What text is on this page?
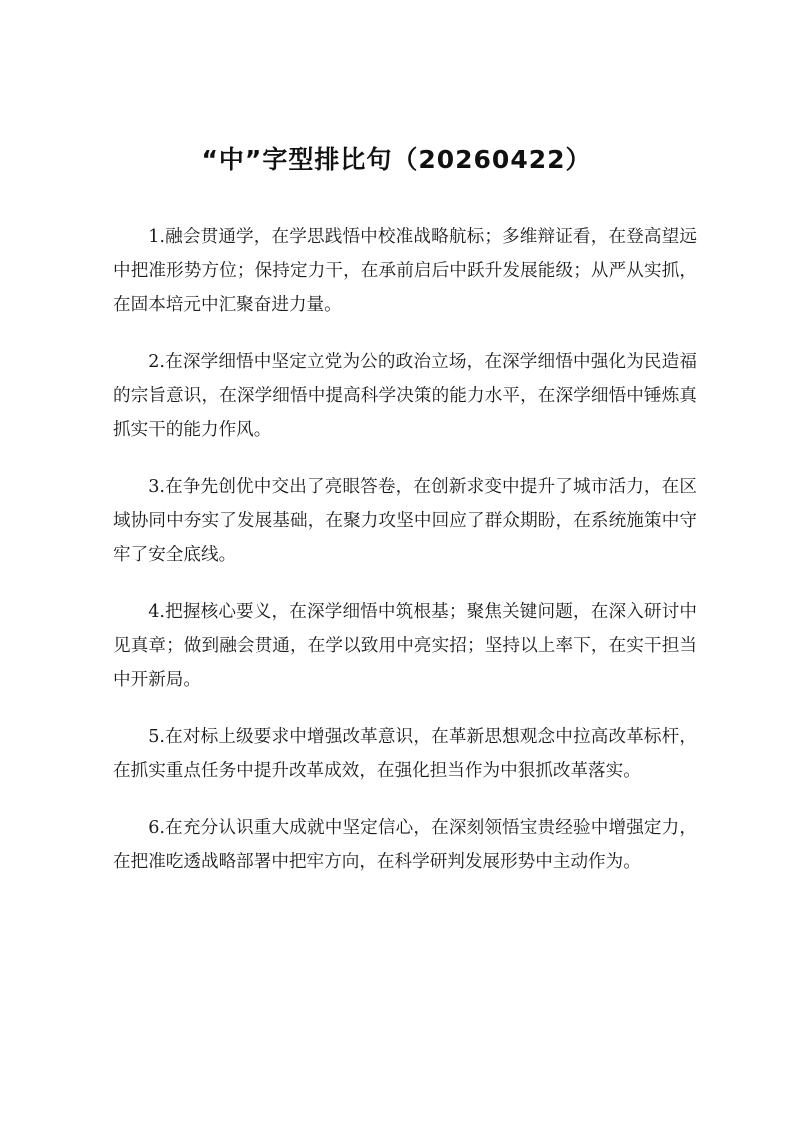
“中”字型排比句（20260422）

1.融会贯通学，在学思践悟中校准战略航标；多维辩证看，在登高望远中把准形势方位；保持定力干，在承前启后中跃升发展能级；从严从实抓，在固本培元中汇聚奋进力量。

2.在深学细悟中坚定立党为公的政治立场，在深学细悟中强化为民造福的宗旨意识，在深学细悟中提高科学决策的能力水平，在深学细悟中锤炼真抓实干的能力作风。

3.在争先创优中交出了亮眼答卷，在创新求变中提升了城市活力，在区域协同中夯实了发展基础，在聚力攻坚中回应了群众期盼，在系统施策中守牢了安全底线。

4.把握核心要义，在深学细悟中筑根基；聚焦关键问题，在深入研讨中见真章；做到融会贯通，在学以致用中亮实招；坚持以上率下，在实干担当中开新局。

5.在对标上级要求中增强改革意识，在革新思想观念中拉高改革标杆，在抓实重点任务中提升改革成效，在强化担当作为中狠抓改革落实。

6.在充分认识重大成就中坚定信心，在深刻领悟宝贵经验中增强定力，在把准吃透战略部署中把牢方向，在科学研判发展形势中主动作为。
